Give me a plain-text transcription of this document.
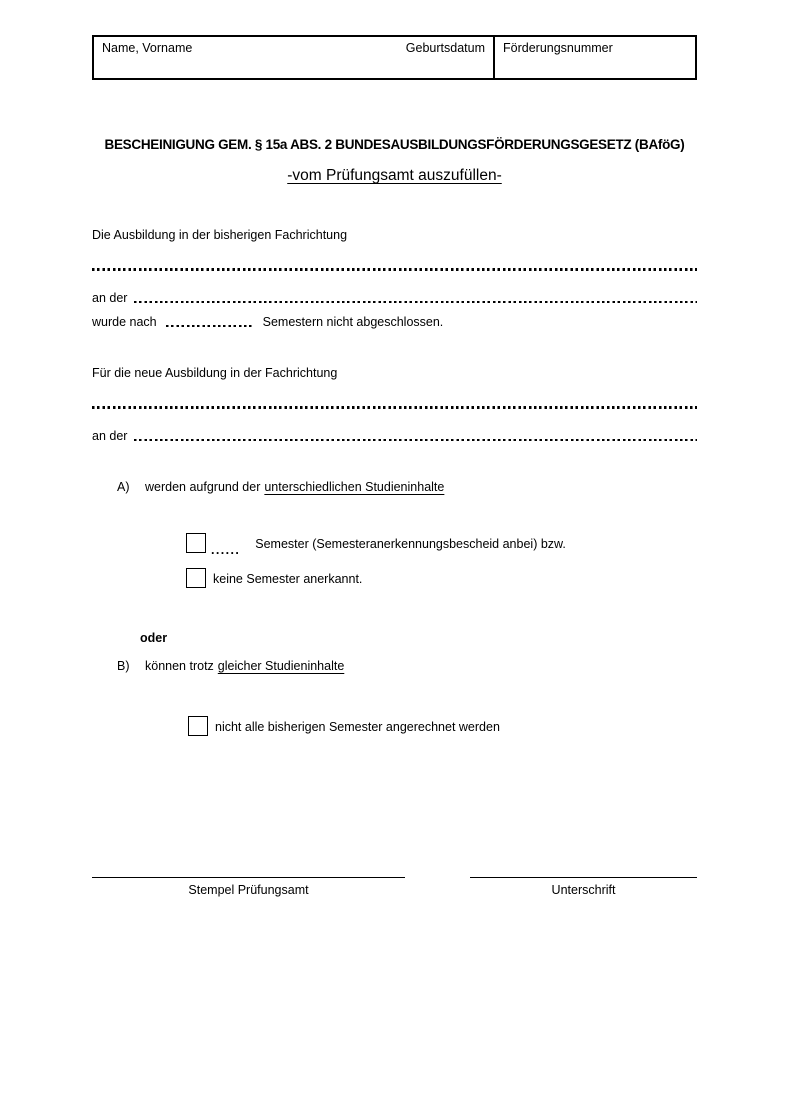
Name, Vorname	Geburtsdatum	Förderungsnummer
BESCHEINIGUNG GEM. § 15a ABS. 2 BUNDESAUSBILDUNGSFÖRDERUNGSGESETZ (BAföG)
-vom Prüfungsamt auszufüllen-
Die Ausbildung in der bisherigen Fachrichtung
an der
wurde nach	Semestern nicht abgeschlossen.
Für die neue Ausbildung in der Fachrichtung
an der
A)	werden aufgrund der unterschiedlichen Studieninhalte
...... Semester (Semesteranerkennungsbescheid anbei) bzw.
keine Semester anerkannt.
oder
B)	können trotz gleicher Studieninhalte
nicht alle bisherigen Semester angerechnet werden
Stempel Prüfungsamt	Unterschrift
